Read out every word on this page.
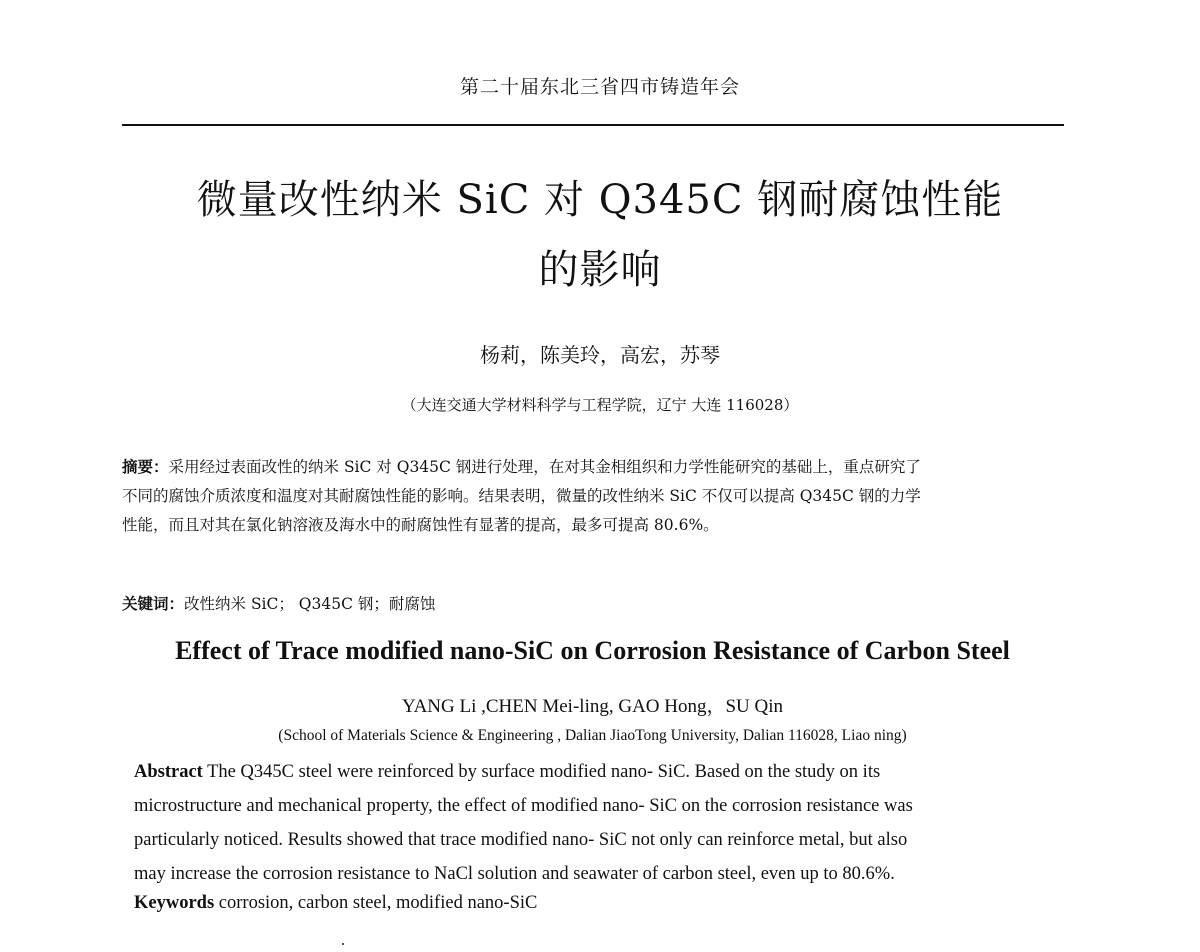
第二十届东北三省四市铸造年会
微量改性纳米 SiC 对 Q345C 钢耐腐蚀性能
的影响
杨莉，陈美玲，高宏，苏琴
（大连交通大学材料科学与工程学院，辽宁 大连 116028）

摘要：采用经过表面改性的纳米 SiC 对 Q345C 钢进行处理，在对其金相组织和力学性能研究的基础上，重点研究了

不同的腐蚀介质浓度和温度对其耐腐蚀性能的影响。结果表明，微量的改性纳米 SiC 不仅可以提高 Q345C 钢的力学

性能，而且对其在氯化钠溶液及海水中的耐腐蚀性有显著的提高，最多可提高 80.6%。

关键词：改性纳米 SiC； Q345C 钢；耐腐蚀
Effect of Trace modified nano-SiC on Corrosion Resistance of Carbon Steel
YANG Li ,CHEN Mei-ling, GAO Hong，SU Qin
(School of Materials Science & Engineering , Dalian JiaoTong University, Dalian 116028, Liao ning)

Abstract The Q345C steel were reinforced by surface modified nano- SiC. Based on the study on its

microstructure and mechanical property, the effect of modified nano- SiC on the corrosion resistance was

particularly noticed. Results showed that trace modified nano- SiC not only can reinforce metal, but also

may increase the corrosion resistance to NaCl solution and seawater of carbon steel, even up to 80.6%.

Keywords corrosion, carbon steel, modified nano-SiC
